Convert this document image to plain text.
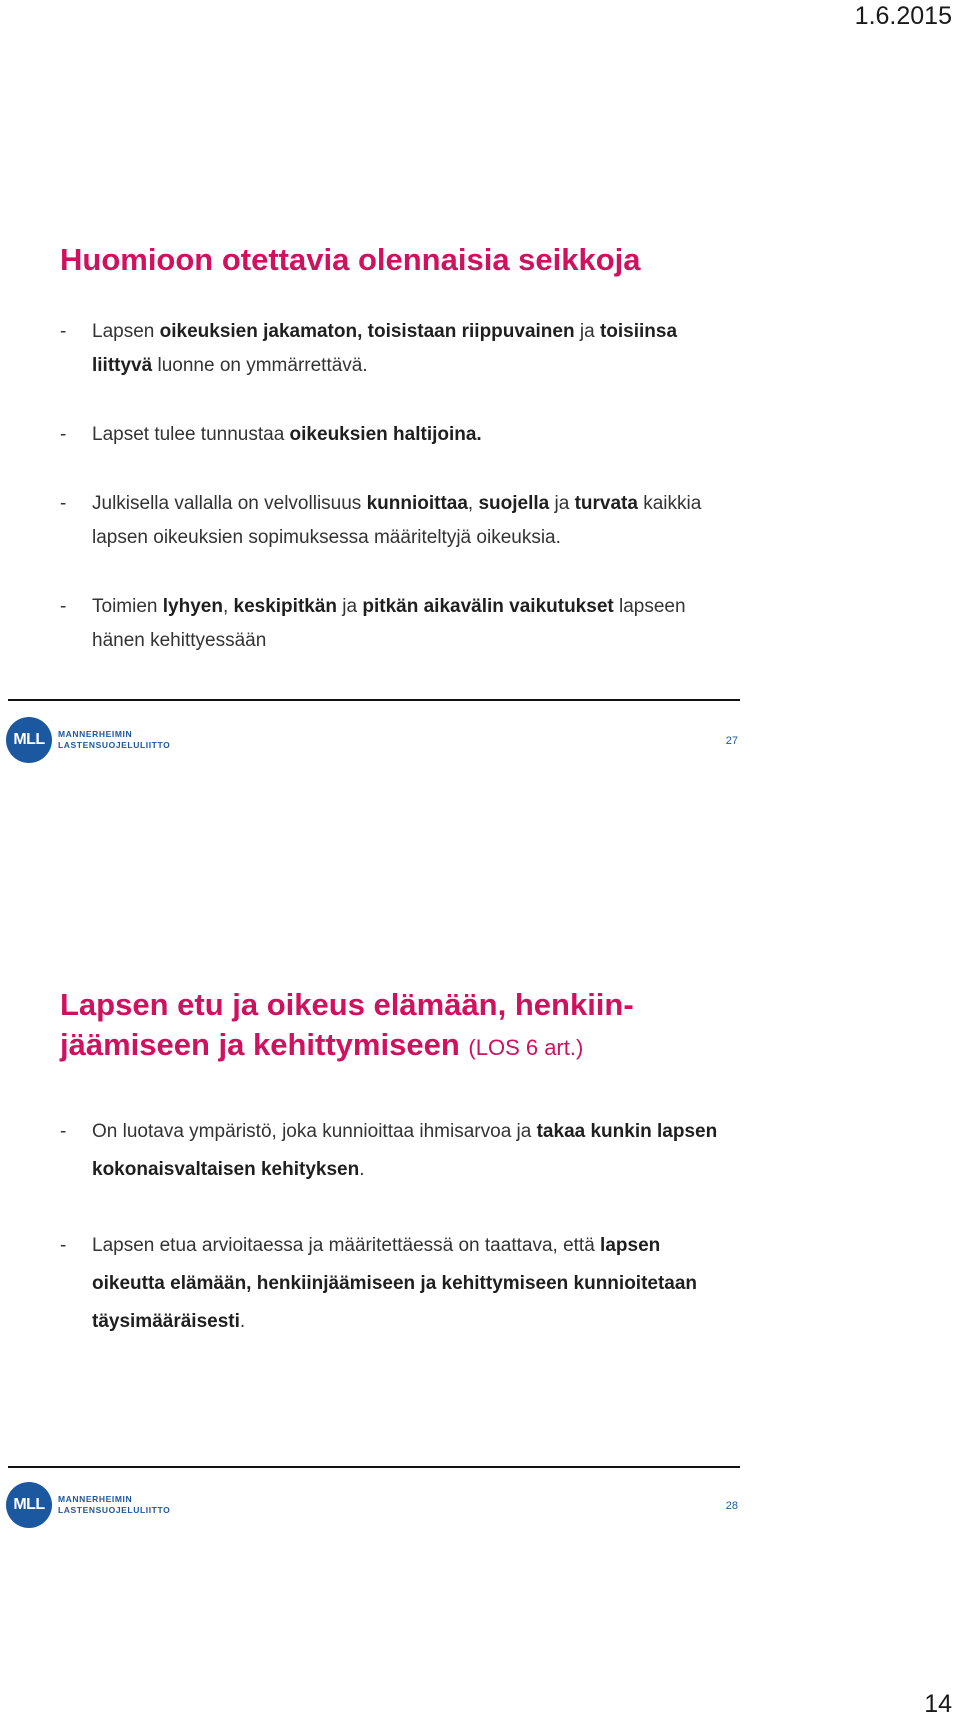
1.6.2015
Huomioon otettavia olennaisia seikkoja
- Lapsen oikeuksien jakamaton, toisistaan riippuvainen ja toisiinsa liittyvä luonne on ymmärrettävä.
- Lapset tulee tunnustaa oikeuksien haltijoina.
- Julkisella vallalla on velvollisuus kunnioittaa, suojella ja turvata kaikkia lapsen oikeuksien sopimuksessa määriteltyjä oikeuksia.
- Toimien lyhyen, keskipitkän ja pitkän aikavälin vaikutukset lapseen hänen kehittyessään
MLL	MANNERHEIMIN
LASTENSUOJELULIITTO	27
Lapsen etu ja oikeus elämään, henkiin-jäämiseen ja kehittymiseen (LOS 6 art.)
- On luotava ympäristö, joka kunnioittaa ihmisarvoa ja takaa kunkin lapsen kokonaisvaltaisen kehityksen.
- Lapsen etua arvioitaessa ja määritettäessä on taattava, että lapsen oikeutta elämään, henkiinjäämiseen ja kehittymiseen kunnioitetaan täysimääräisesti.
MLL	MANNERHEIMIN
LASTENSUOJELULIITTO	28
14
